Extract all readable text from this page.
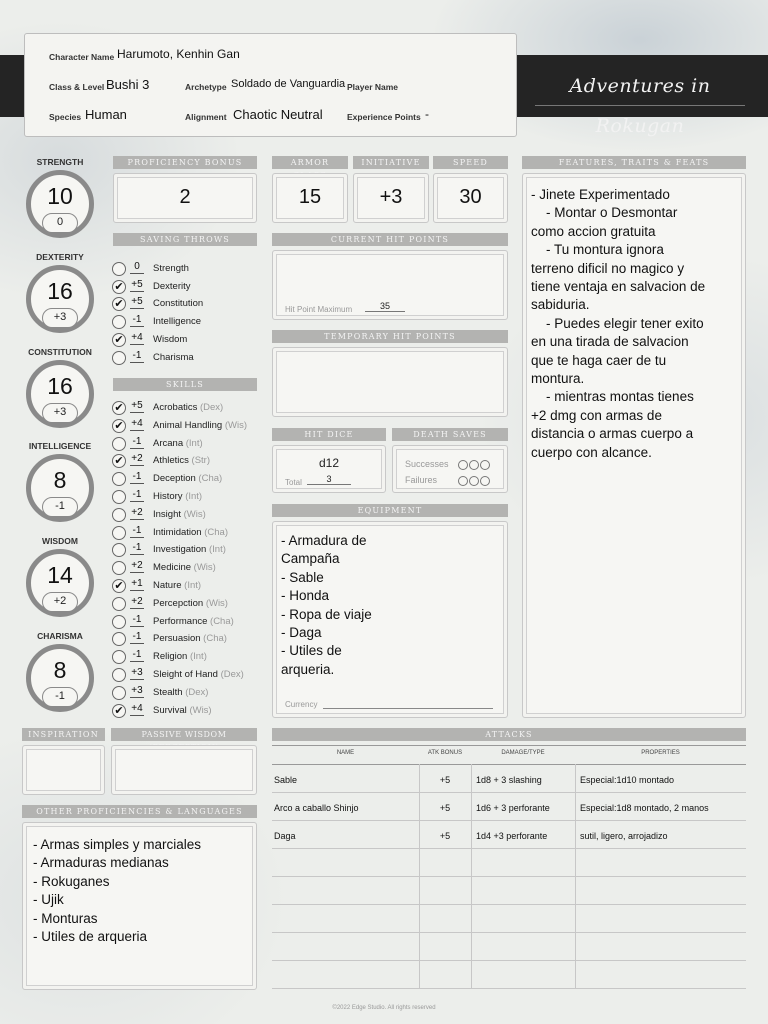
Character Name Harumoto, Kenhin Gan
Class & Level Bushi 3	Archetype Soldado de Vanguardia Player Name
Species Human	Alignment Chaotic Neutral	Experience Points -
Adventures in Rokugan
STRENGTH
10
0
DEXTERITY
16
+3
CONSTITUTION
16
+3
INTELLIGENCE
8
-1
WISDOM
14
+2
CHARISMA
8
-1
PROFICIENCY BONUS
2
SAVING THROWS
0	Strength
✔ +5 Dexterity
✔ +5 Constitution
-1 Intelligence
✔ +4 Wisdom
-1 Charisma
SKILLS
✔ +5 Acrobatics (Dex)
✔ +4 Animal Handling (Wis)
-1 Arcana (Int)
✔ +2 Athletics (Str)
-1 Deception (Cha)
-1 History (Int)
+2 Insight (Wis)
-1 Intimidation (Cha)
-1 Investigation (Int)
+2 Medicine (Wis)
✔ +1 Nature (Int)
+2 Percepction (Wis)
-1 Performance (Cha)
-1 Persuasion (Cha)
-1 Religion (Int)
+3 Sleight of Hand (Dex)
+3 Stealth (Dex)
✔ +4 Survival (Wis)
ARMOR	INITIATIVE	SPEED
15	+3	30
CURRENT HIT POINTS
Hit Point Maximum	35
TEMPORARY HIT POINTS
HIT DICE	DEATH SAVES
d12
Total	3
Successes
Failures
EQUIPMENT
- Armadura de
Campaña
- Sable
- Honda
- Ropa de viaje
- Daga
- Utiles de
arqueria.
Currency
FEATURES, TRAITS & FEATS
- Jinete Experimentado
- Montar o Desmontar
como accion gratuita
- Tu montura ignora
terreno dificil no magico y
tiene ventaja en salvacion de
sabiduria.
- Puedes elegir tener exito
en una tirada de salvacion
que te haga caer de tu
montura.
- mientras montas tienes
+2 dmg con armas de
distancia o armas cuerpo a
cuerpo con alcance.
INSPIRATION	PASSIVE WISDOM
OTHER PROFICIENCIES & LANGUAGES
- Armas simples y marciales
- Armaduras medianas
- Rokuganes
- Ujik
- Monturas
- Utiles de arqueria
ATTACKS
NAME	ATK BONUS	DAMAGE/TYPE	PROPERTIES
Sable	+5	1d8 + 3 slashing	Especial:1d10 montado
Arco a caballo Shinjo	+5	1d6 + 3 perforante	Especial:1d8 montado, 2 manos
Daga	+5	1d4 +3 perforante	sutil, ligero, arrojadizo
©2022 Edge Studio. All rights reserved
